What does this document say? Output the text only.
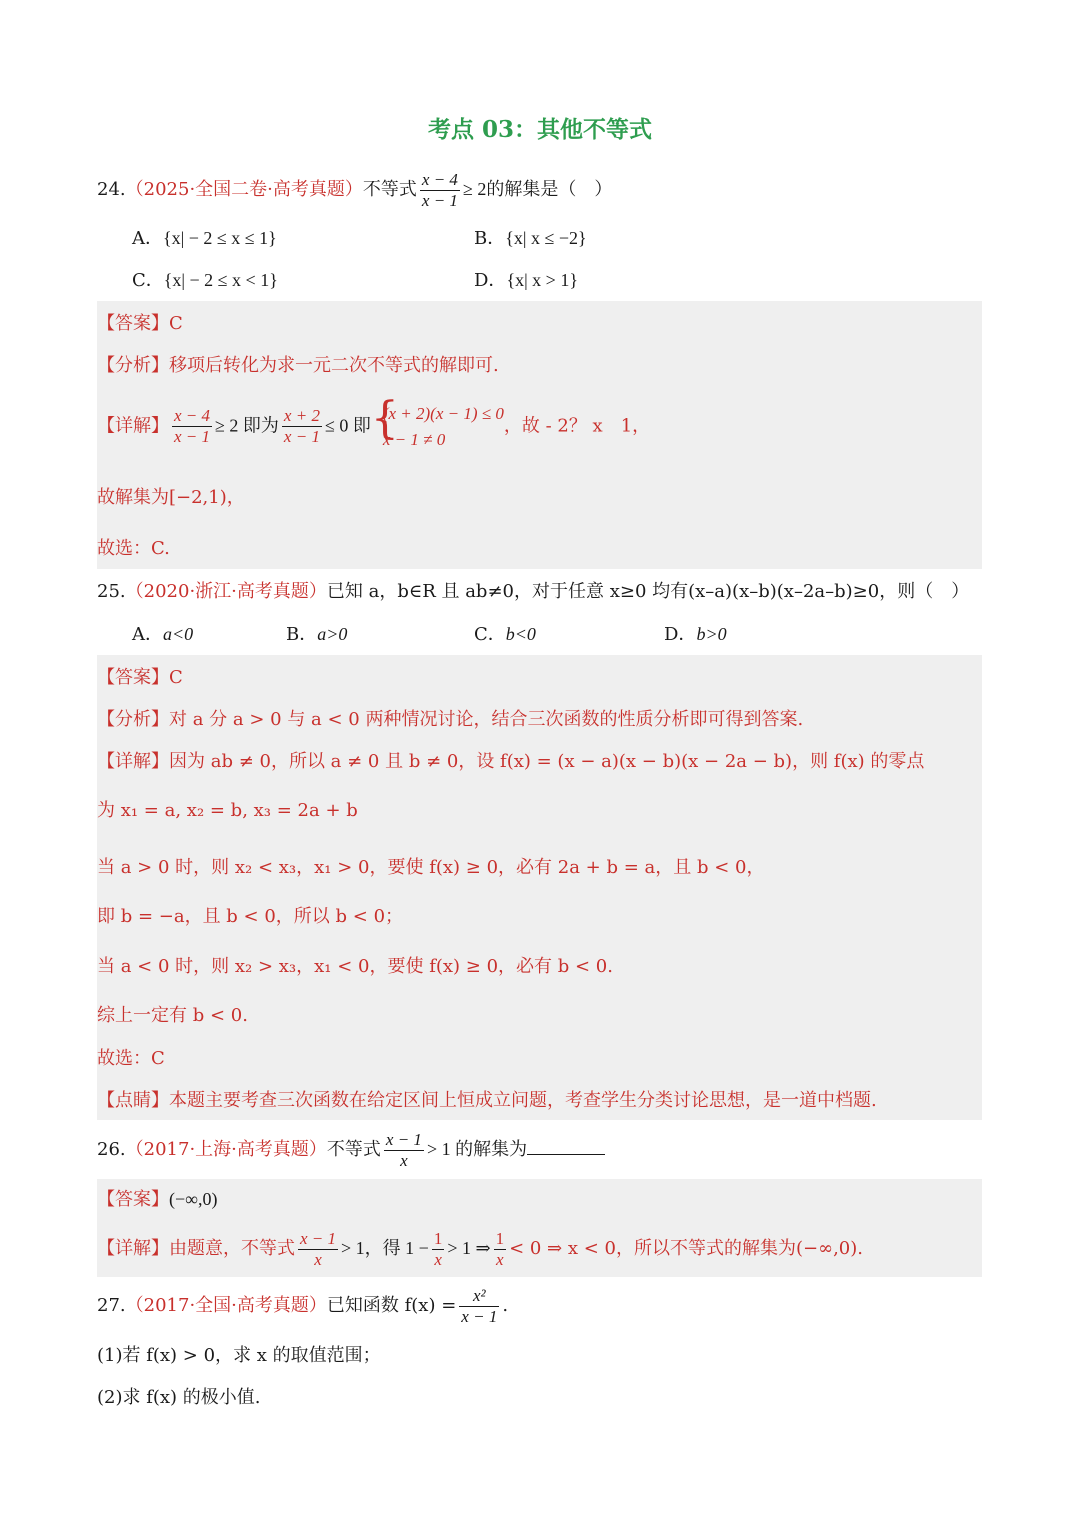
考点 03：其他不等式
24.（2025·全国二卷·高考真题）不等式 $\frac{x - 4}{x - 1} \ge 2$的解集是（　）
A．{x| − 2 ≤ x ≤ 1}	B．{x| x ≤ −2}
C．{x| − 2 ≤ x < 1}	D．{x| x > 1}
【答案】C
【分析】移项后转化为求一元二次不等式的解即可.
【详解】 $\frac{x - 4}{x - 1} \ge 2$ 即为 $\frac{x + 2}{x - 1} \le 0$ 即 {
(x + 2)(x − 1) ≤ 0
x − 1 ≠ 0
，故 - 2？ x　1，
故解集为[−2,1)，
故选：C.
25.（2020·浙江·高考真题）已知 a，b∈R 且 ab≠0，对于任意 x≥0 均有(x–a)(x–b)(x–2a–b)≥0，则（　）
A．a<0	B．a>0	C．b<0	D．b>0
【答案】C
【分析】对 a 分 a > 0 与 a < 0 两种情况讨论，结合三次函数的性质分析即可得到答案.
【详解】因为 ab ≠ 0，所以 a ≠ 0 且 b ≠ 0，设 f(x) = (x − a)(x − b)(x − 2a − b)，则 f(x) 的零点
为 x₁ = a, x₂ = b, x₃ = 2a + b
当 a > 0 时，则 x₂ < x₃，x₁ > 0，要使 f(x) ≥ 0，必有 2a + b = a，且 b < 0，
即 b = −a，且 b < 0，所以 b < 0；
当 a < 0 时，则 x₂ > x₃，x₁ < 0，要使 f(x) ≥ 0，必有 b < 0.
综上一定有 b < 0.
故选：C
【点睛】本题主要考查三次函数在给定区间上恒成立问题，考查学生分类讨论思想，是一道中档题.
26.（2017·上海·高考真题）不等式 $\frac{x - 1}{x} > 1$ 的解集为
【答案】(−∞,0)
【详解】由题意，不等式 $\frac{x - 1}{x} > 1$，得 $1 - \frac{1}{x} > 1$ ⇒ $\frac{1}{x} < 0$ ⇒ x < 0，所以不等式的解集为(−∞,0).
27.（2017·全国·高考真题）已知函数 $f(x) = \frac{\text{x²}}{x - 1}$ .
(1)若 f(x) > 0，求 x 的取值范围；
(2)求 f(x) 的极小值.
